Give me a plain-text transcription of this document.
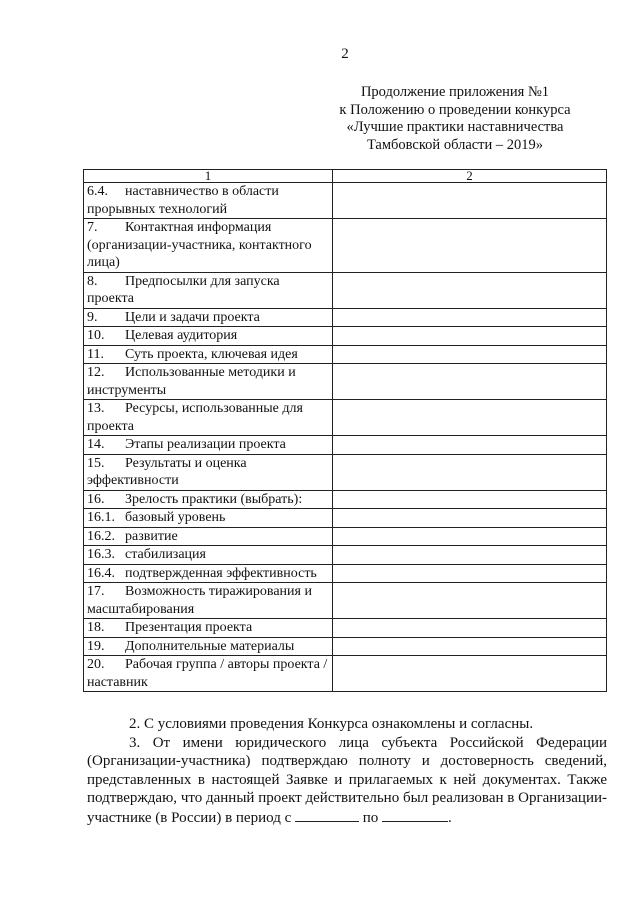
2
Продолжение приложения №1
к Положению о проведении конкурса
«Лучшие практики наставничества
Тамбовской области – 2019»
1	2
6.4. наставничество в области прорывных технологий	
7. Контактная информация (организации-участника, контактного лица)	
8. Предпосылки для запуска проекта	
9. Цели и задачи проекта	
10. Целевая аудитория	
11. Суть проекта, ключевая идея	
12. Использованные методики и инструменты	
13. Ресурсы, использованные для проекта	
14. Этапы реализации проекта	
15. Результаты и оценка эффективности	
16. Зрелость практики (выбрать):	
16.1. базовый уровень	
16.2. развитие	
16.3. стабилизация	
16.4. подтвержденная эффективность	
17. Возможность тиражирования и масштабирования	
18. Презентация проекта	
19. Дополнительные материалы	
20. Рабочая группа / авторы проекта / наставник	

2. С условиями проведения Конкурса ознакомлены и согласны.

3. От имени юридического лица субъекта Российской Федерации (Организации-участника) подтверждаю полноту и достоверность сведений, представленных в настоящей Заявке и прилагаемых к ней документах. Также подтверждаю, что данный проект действительно был реализован в Организации-участнике (в России) в период с	по	.
